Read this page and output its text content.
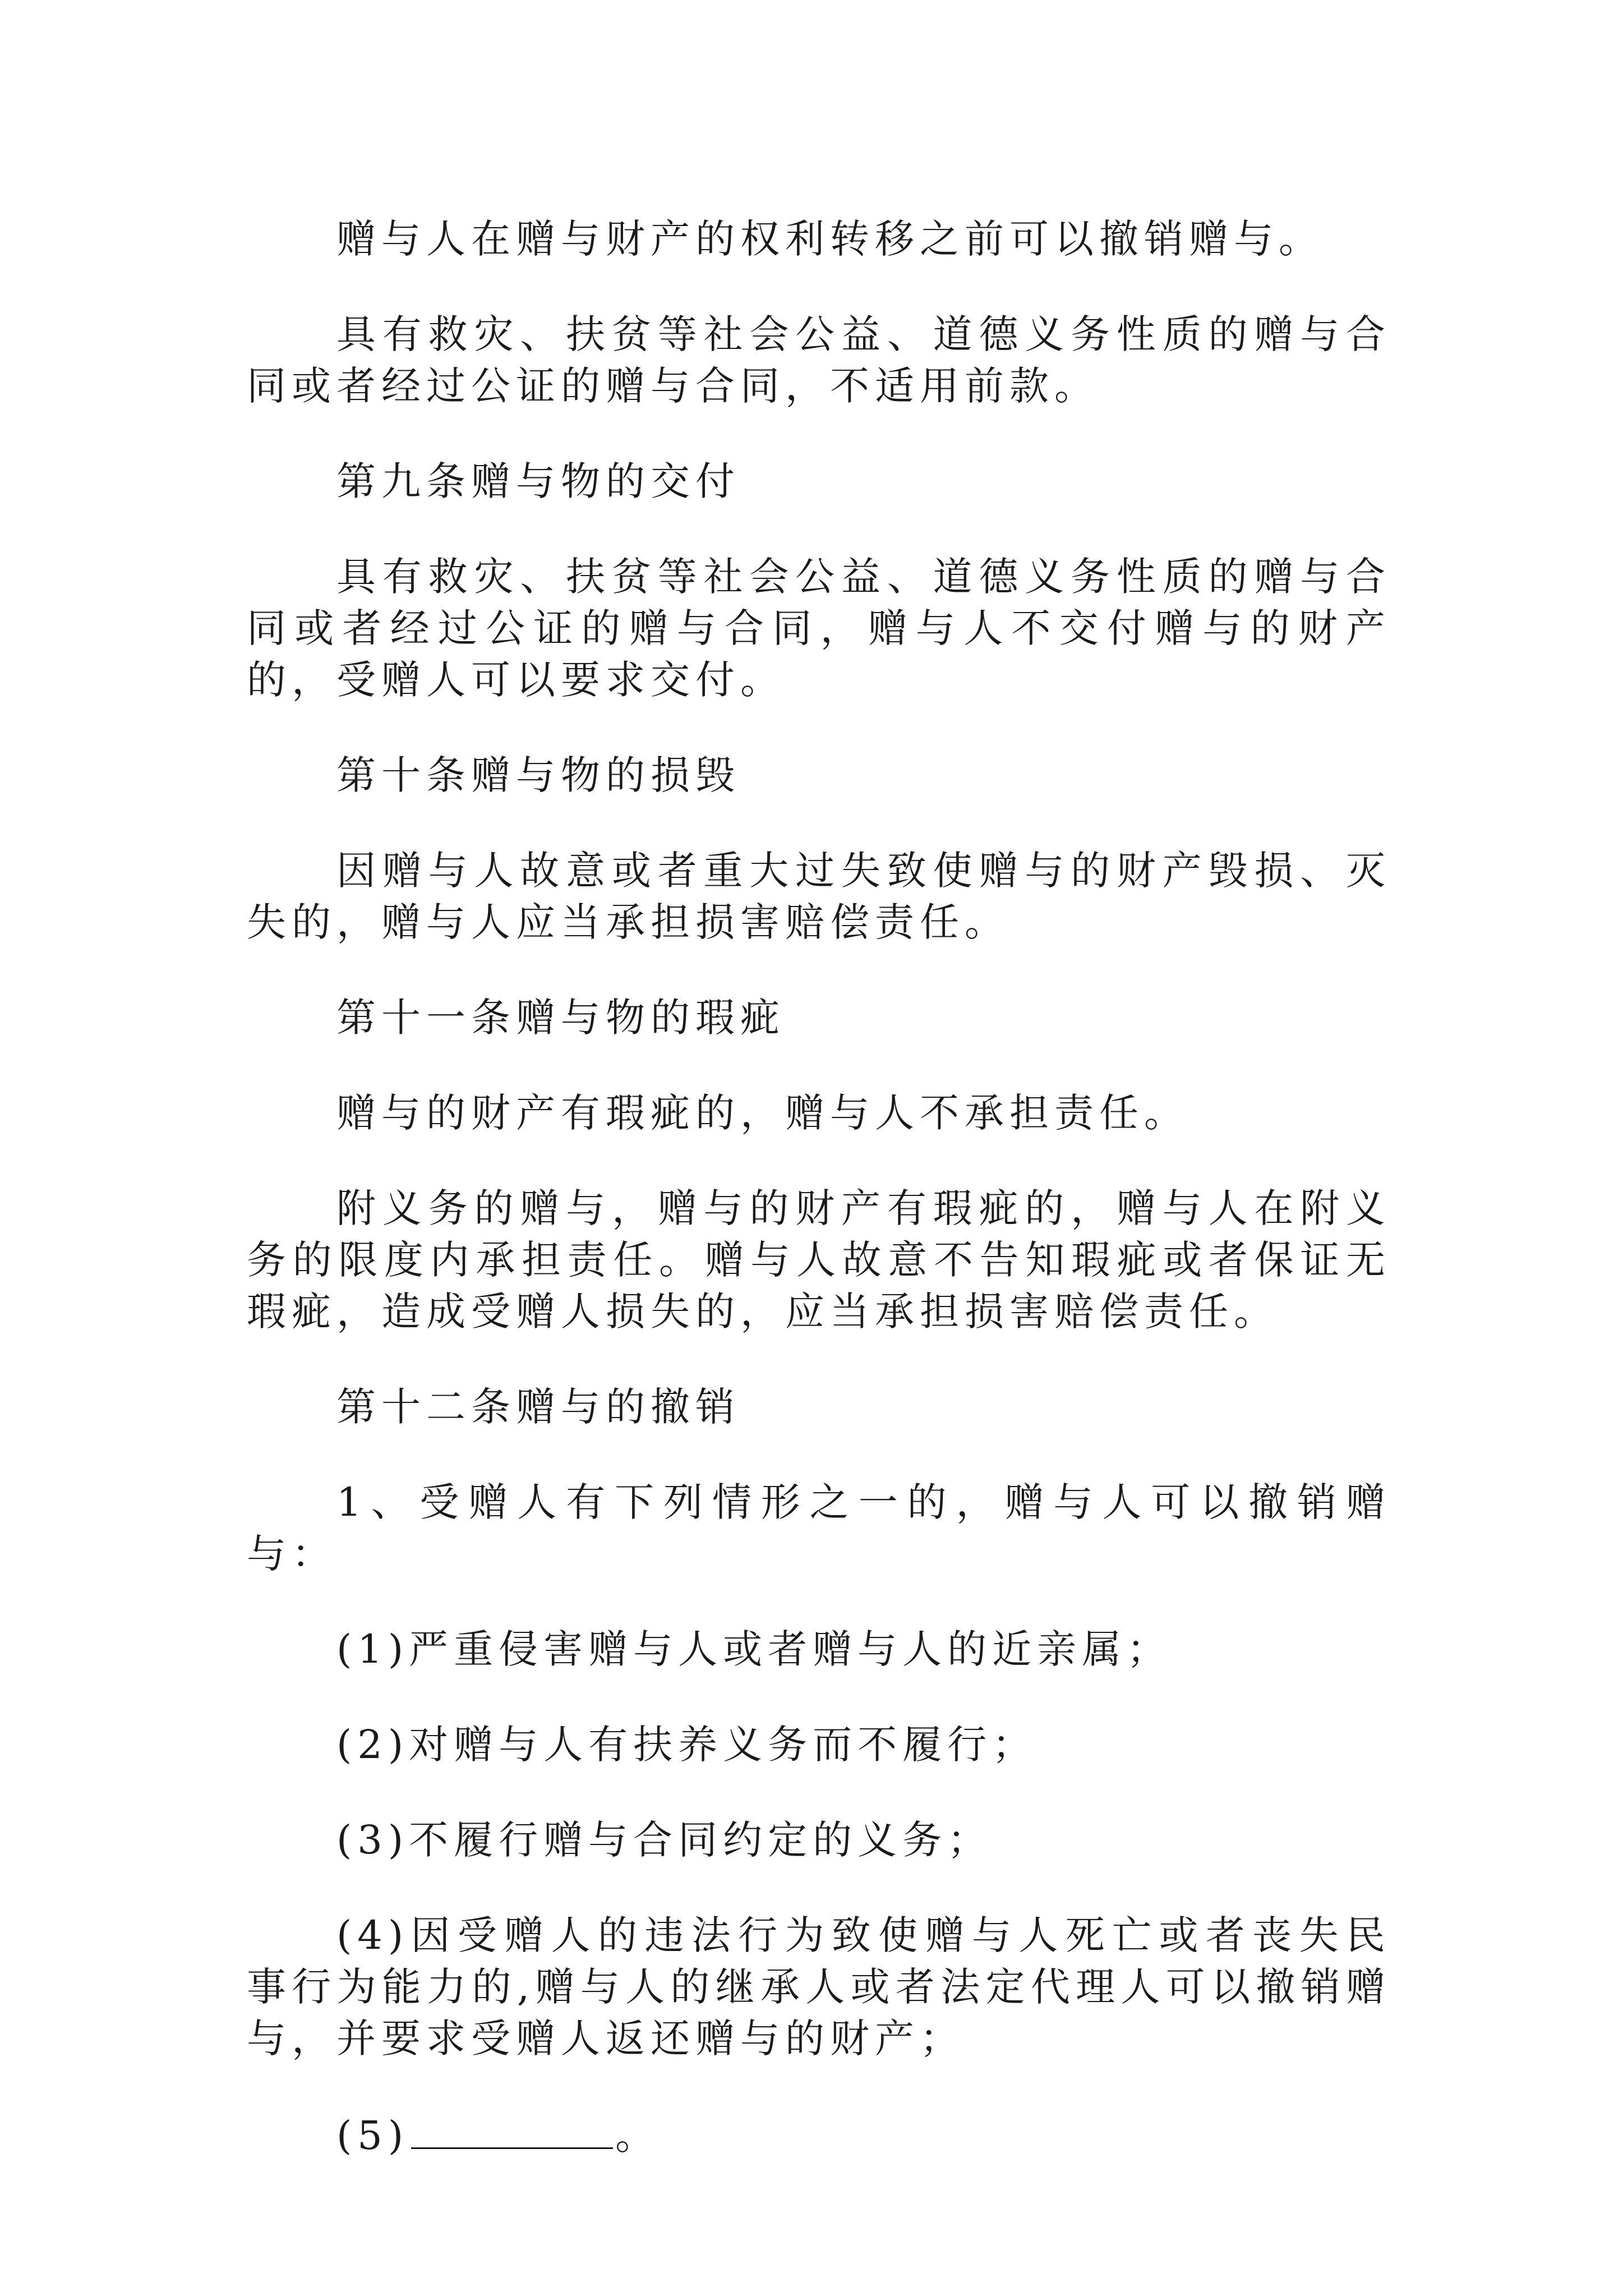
赠与人在赠与财产的权利转移之前可以撤销赠与。

具有救灾、扶贫等社会公益、道德义务性质的赠与合同或者经过公证的赠与合同，不适用前款。

第九条赠与物的交付

具有救灾、扶贫等社会公益、道德义务性质的赠与合同或者经过公证的赠与合同，赠与人不交付赠与的财产的，受赠人可以要求交付。

第十条赠与物的损毁

因赠与人故意或者重大过失致使赠与的财产毁损、灭失的，赠与人应当承担损害赔偿责任。

第十一条赠与物的瑕疵

赠与的财产有瑕疵的，赠与人不承担责任。

附义务的赠与，赠与的财产有瑕疵的，赠与人在附义务的限度内承担责任。赠与人故意不告知瑕疵或者保证无瑕疵，造成受赠人损失的，应当承担损害赔偿责任。

第十二条赠与的撤销

1、受赠人有下列情形之一的，赠与人可以撤销赠与：

(1)严重侵害赠与人或者赠与人的近亲属；

(2)对赠与人有扶养义务而不履行；

(3)不履行赠与合同约定的义务；

(4)因受赠人的违法行为致使赠与人死亡或者丧失民事行为能力的,赠与人的继承人或者法定代理人可以撤销赠与，并要求受赠人返还赠与的财产；

(5)	。
